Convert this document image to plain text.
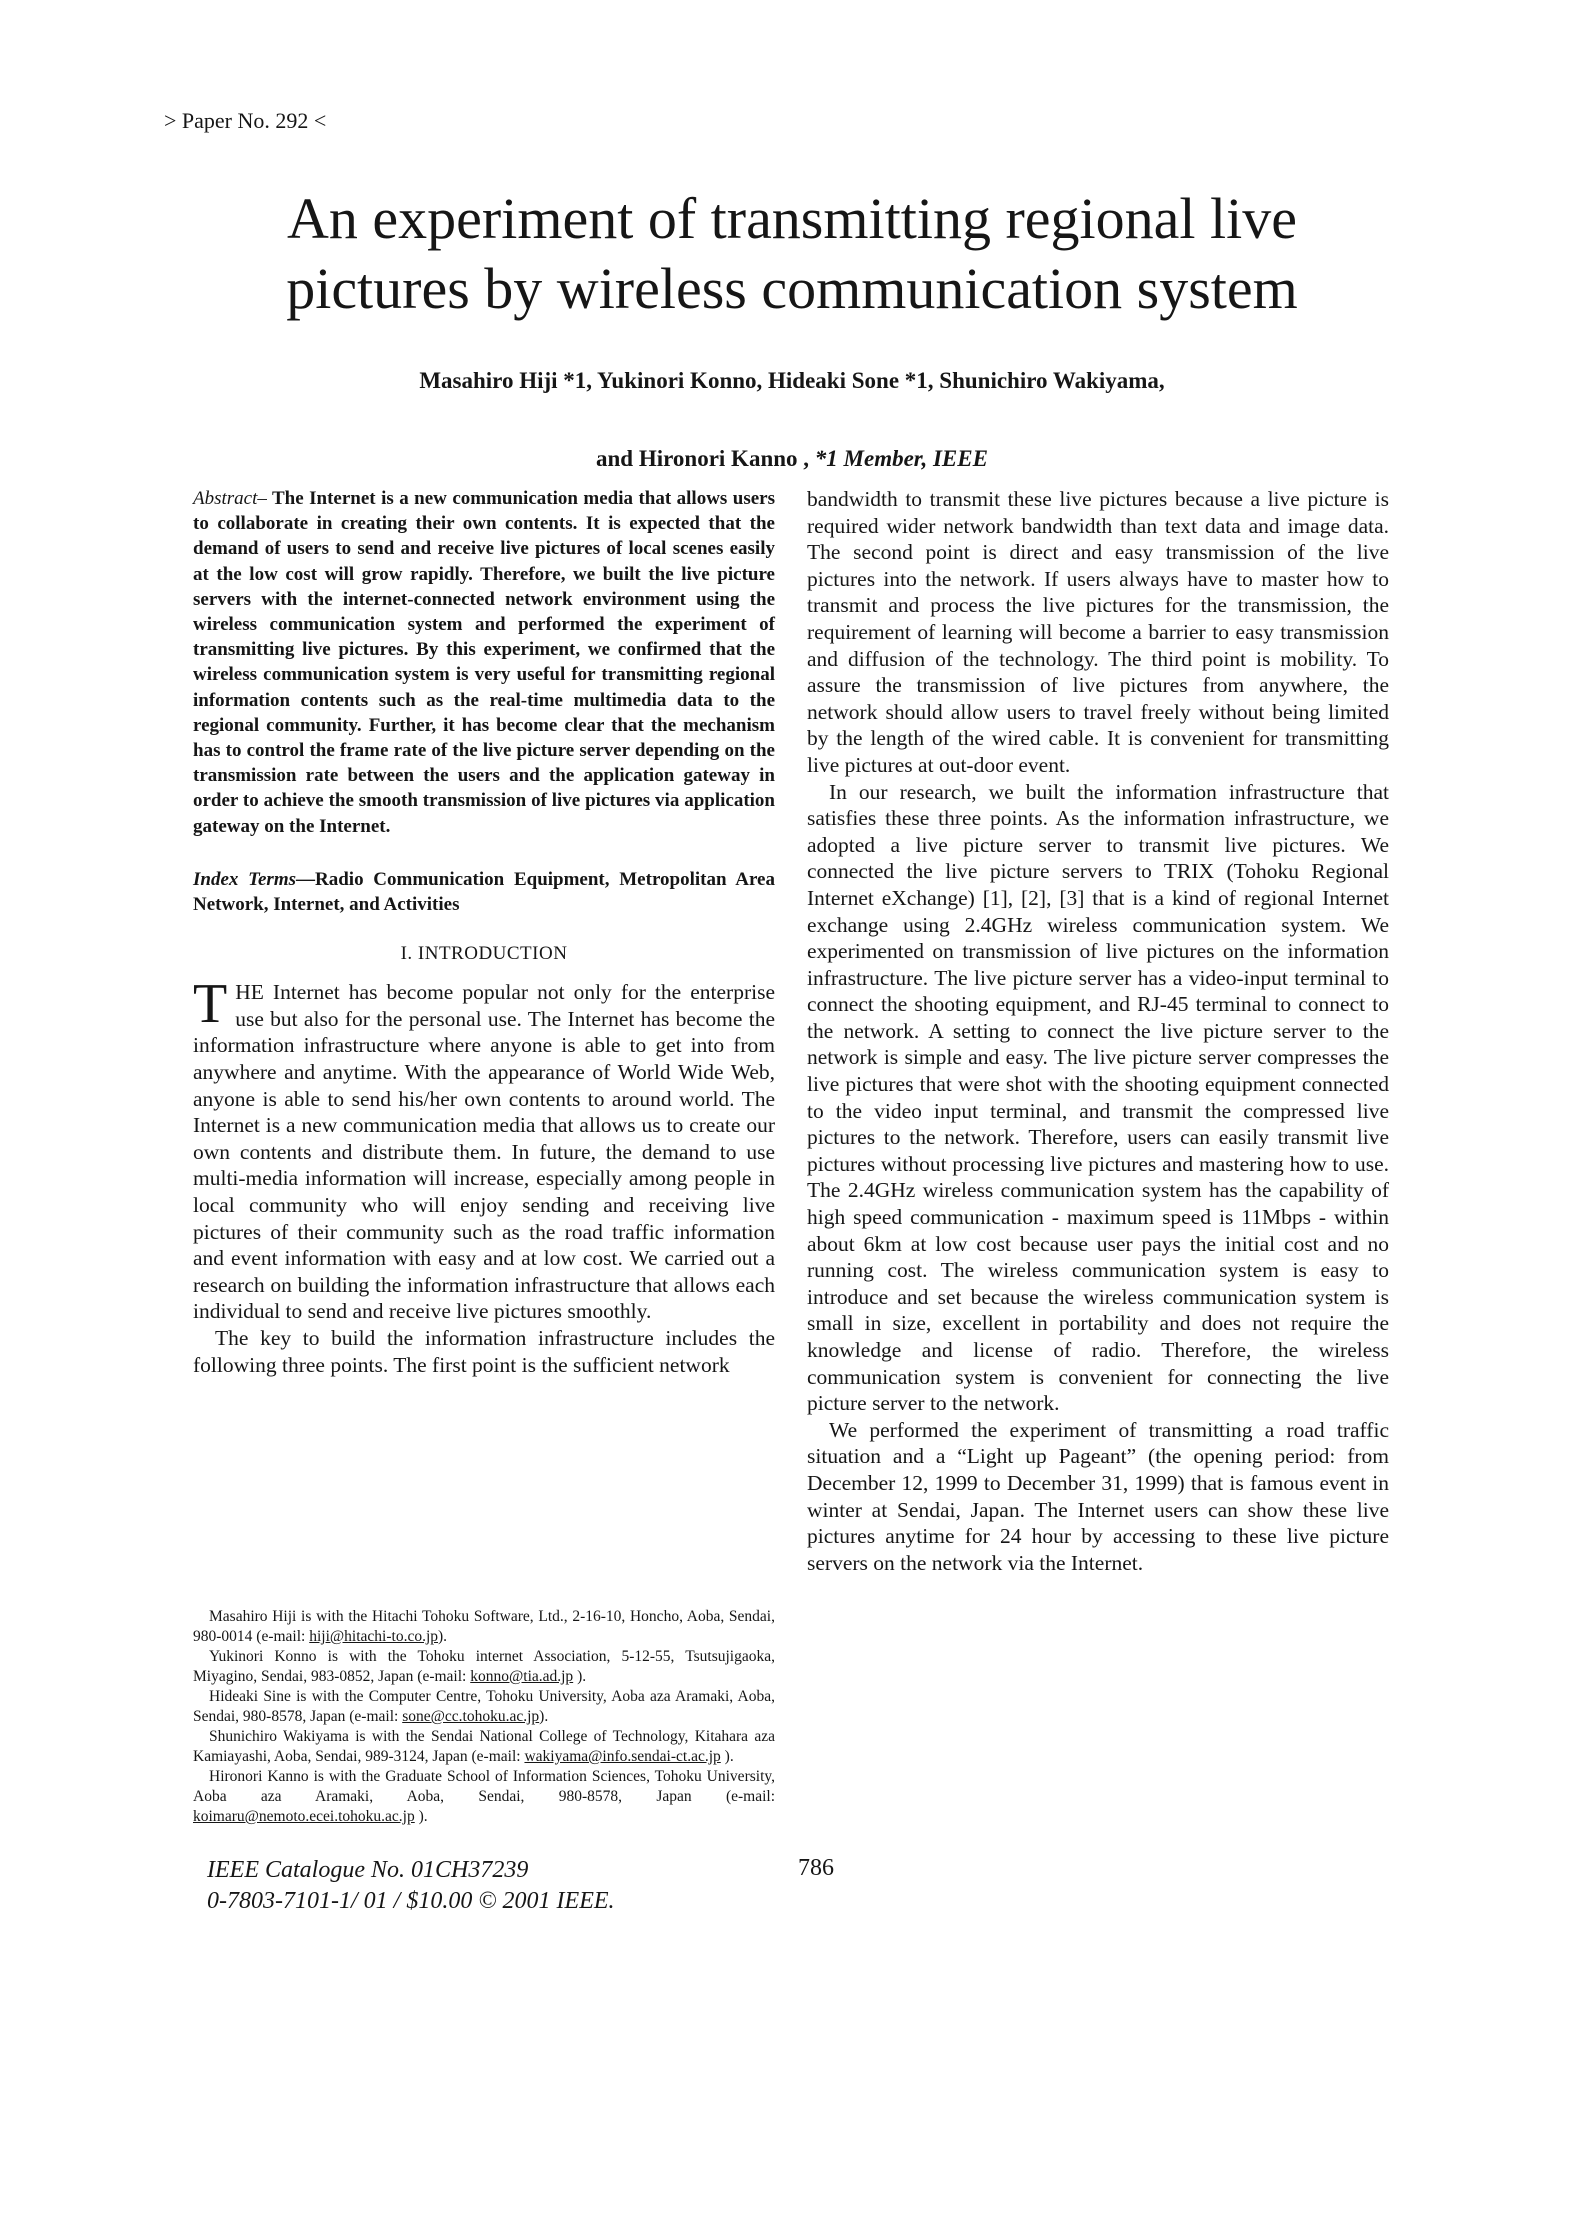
> Paper No. 292 <
An experiment of transmitting regional live
pictures by wireless communication system
Masahiro Hiji *1, Yukinori Konno, Hideaki Sone *1, Shunichiro Wakiyama,
and Hironori Kanno , *1 Member, IEEE

Abstract– The Internet is a new communication media that allows users to collaborate in creating their own contents. It is expected that the demand of users to send and receive live pictures of local scenes easily at the low cost will grow rapidly. Therefore, we built the live picture servers with the internet-connected network environment using the wireless communication system and performed the experiment of transmitting live pictures. By this experiment, we confirmed that the wireless communication system is very useful for transmitting regional information contents such as the real-time multimedia data to the regional community. Further, it has become clear that the mechanism has to control the frame rate of the live picture server depending on the transmission rate between the users and the application gateway in order to achieve the smooth transmission of live pictures via application gateway on the Internet.

Index Terms—Radio Communication Equipment, Metropolitan Area Network, Internet, and Activities

I. INTRODUCTION

THE Internet has become popular not only for the enterprise use but also for the personal use. The Internet has become the information infrastructure where anyone is able to get into from anywhere and anytime. With the appearance of World Wide Web, anyone is able to send his/her own contents to around world. The Internet is a new communication media that allows us to create our own contents and distribute them. In future, the demand to use multi-media information will increase, especially among people in local community who will enjoy sending and receiving live pictures of their community such as the road traffic information and event information with easy and at low cost. We carried out a research on building the information infrastructure that allows each individual to send and receive live pictures smoothly.

The key to build the information infrastructure includes the following three points. The first point is the sufficient network

bandwidth to transmit these live pictures because a live picture is required wider network bandwidth than text data and image data. The second point is direct and easy transmission of the live pictures into the network. If users always have to master how to transmit and process the live pictures for the transmission, the requirement of learning will become a barrier to easy transmission and diffusion of the technology. The third point is mobility. To assure the transmission of live pictures from anywhere, the network should allow users to travel freely without being limited by the length of the wired cable. It is convenient for transmitting live pictures at out-door event.

In our research, we built the information infrastructure that satisfies these three points. As the information infrastructure, we adopted a live picture server to transmit live pictures. We connected the live picture servers to TRIX (Tohoku Regional Internet eXchange) [1], [2], [3] that is a kind of regional Internet exchange using 2.4GHz wireless communication system. We experimented on transmission of live pictures on the information infrastructure. The live picture server has a video-input terminal to connect the shooting equipment, and RJ-45 terminal to connect to the network. A setting to connect the live picture server to the network is simple and easy. The live picture server compresses the live pictures that were shot with the shooting equipment connected to the video input terminal, and transmit the compressed live pictures to the network. Therefore, users can easily transmit live pictures without processing live pictures and mastering how to use. The 2.4GHz wireless communication system has the capability of high speed communication - maximum speed is 11Mbps - within about 6km at low cost because user pays the initial cost and no running cost. The wireless communication system is easy to introduce and set because the wireless communication system is small in size, excellent in portability and does not require the knowledge and license of radio. Therefore, the wireless communication system is convenient for connecting the live picture server to the network.

We performed the experiment of transmitting a road traffic situation and a “Light up Pageant” (the opening period: from December 12, 1999 to December 31, 1999) that is famous event in winter at Sendai, Japan. The Internet users can show these live pictures anytime for 24 hour by accessing to these live picture servers on the network via the Internet.

Masahiro Hiji is with the Hitachi Tohoku Software, Ltd., 2-16-10, Honcho, Aoba, Sendai, 980-0014 (e-mail: hiji@hitachi-to.co.jp).

Yukinori Konno is with the Tohoku internet Association, 5-12-55, Tsutsujigaoka, Miyagino, Sendai, 983-0852, Japan (e-mail: konno@tia.ad.jp ).

Hideaki Sine is with the Computer Centre, Tohoku University, Aoba aza Aramaki, Aoba, Sendai, 980-8578, Japan (e-mail: sone@cc.tohoku.ac.jp).

Shunichiro Wakiyama is with the Sendai National College of Technology, Kitahara aza Kamiayashi, Aoba, Sendai, 989-3124, Japan (e-mail: wakiyama@info.sendai-ct.ac.jp ).

Hironori Kanno is with the Graduate School of Information Sciences, Tohoku University, Aoba aza Aramaki, Aoba, Sendai, 980-8578, Japan (e-mail: koimaru@nemoto.ecei.tohoku.ac.jp ).

IEEE Catalogue No. 01CH37239
0-7803-7101-1/ 01 / $10.00 © 2001 IEEE.
786
